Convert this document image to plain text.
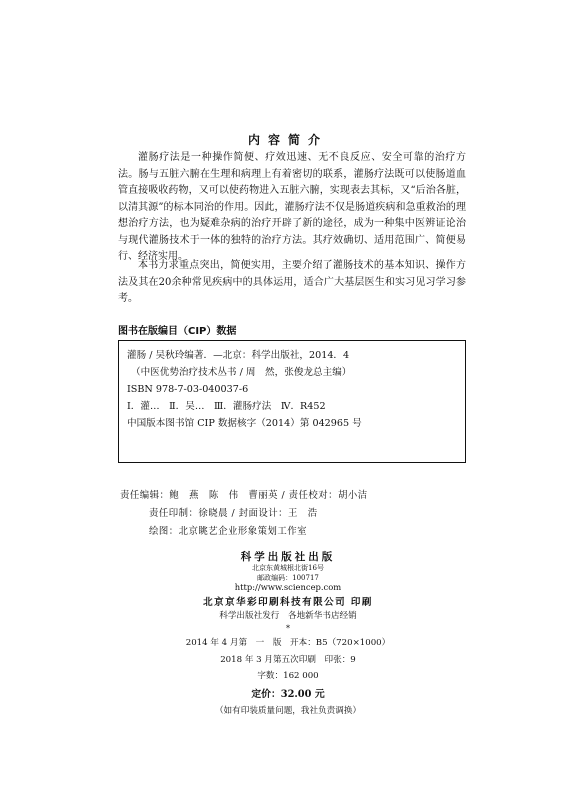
内容简介

灌肠疗法是一种操作简便、疗效迅速、无不良反应、安全可靠的治疗方法。肠与五脏六腑在生理和病理上有着密切的联系，灌肠疗法既可以使肠道血管直接吸收药物，又可以使药物进入五脏六腑，实现表去其标，又“后治各脏，以清其源”的标本同治的作用。因此，灌肠疗法不仅是肠道疾病和急重救治的理想治疗方法，也为疑难杂病的治疗开辟了新的途径，成为一种集中医辨证论治与现代灌肠技术于一体的独特的治疗方法。其疗效确切、适用范围广、简便易行、经济实用。

本书力求重点突出，简便实用，主要介绍了灌肠技术的基本知识、操作方法及其在20余种常见疾病中的具体运用，适合广大基层医生和实习见习学习参考。

图书在版编目（CIP）数据
灌肠 / 吴秋玲编著．—北京：科学出版社，2014．4
（中医优势治疗技术丛书 / 周　然，张俊龙总主编）
ISBN 978-7-03-040037-6
Ⅰ．灌…　Ⅱ．吴…　Ⅲ．灌肠疗法　Ⅳ．R452
中国版本图书馆 CIP 数据核字（2014）第 042965 号
责任编辑：鲍　燕　陈　伟　曹丽英 / 责任校对：胡小洁
责任印制：徐晓晨 / 封面设计：王　浩
绘图：北京眺艺企业形象策划工作室
科学出版社出版
北京东黄城根北街16号
邮政编码：100717
http://www.sciencep.com
北京京华彩印刷科技有限公司 印刷
科学出版社发行　各地新华书店经销
*
2014 年 4 月第　一　版　开本：B5（720×1000）
2018 年 3 月第五次印刷　印张：9
字数：162 000
定价：32.00 元
（如有印装质量问题，我社负责调换）
